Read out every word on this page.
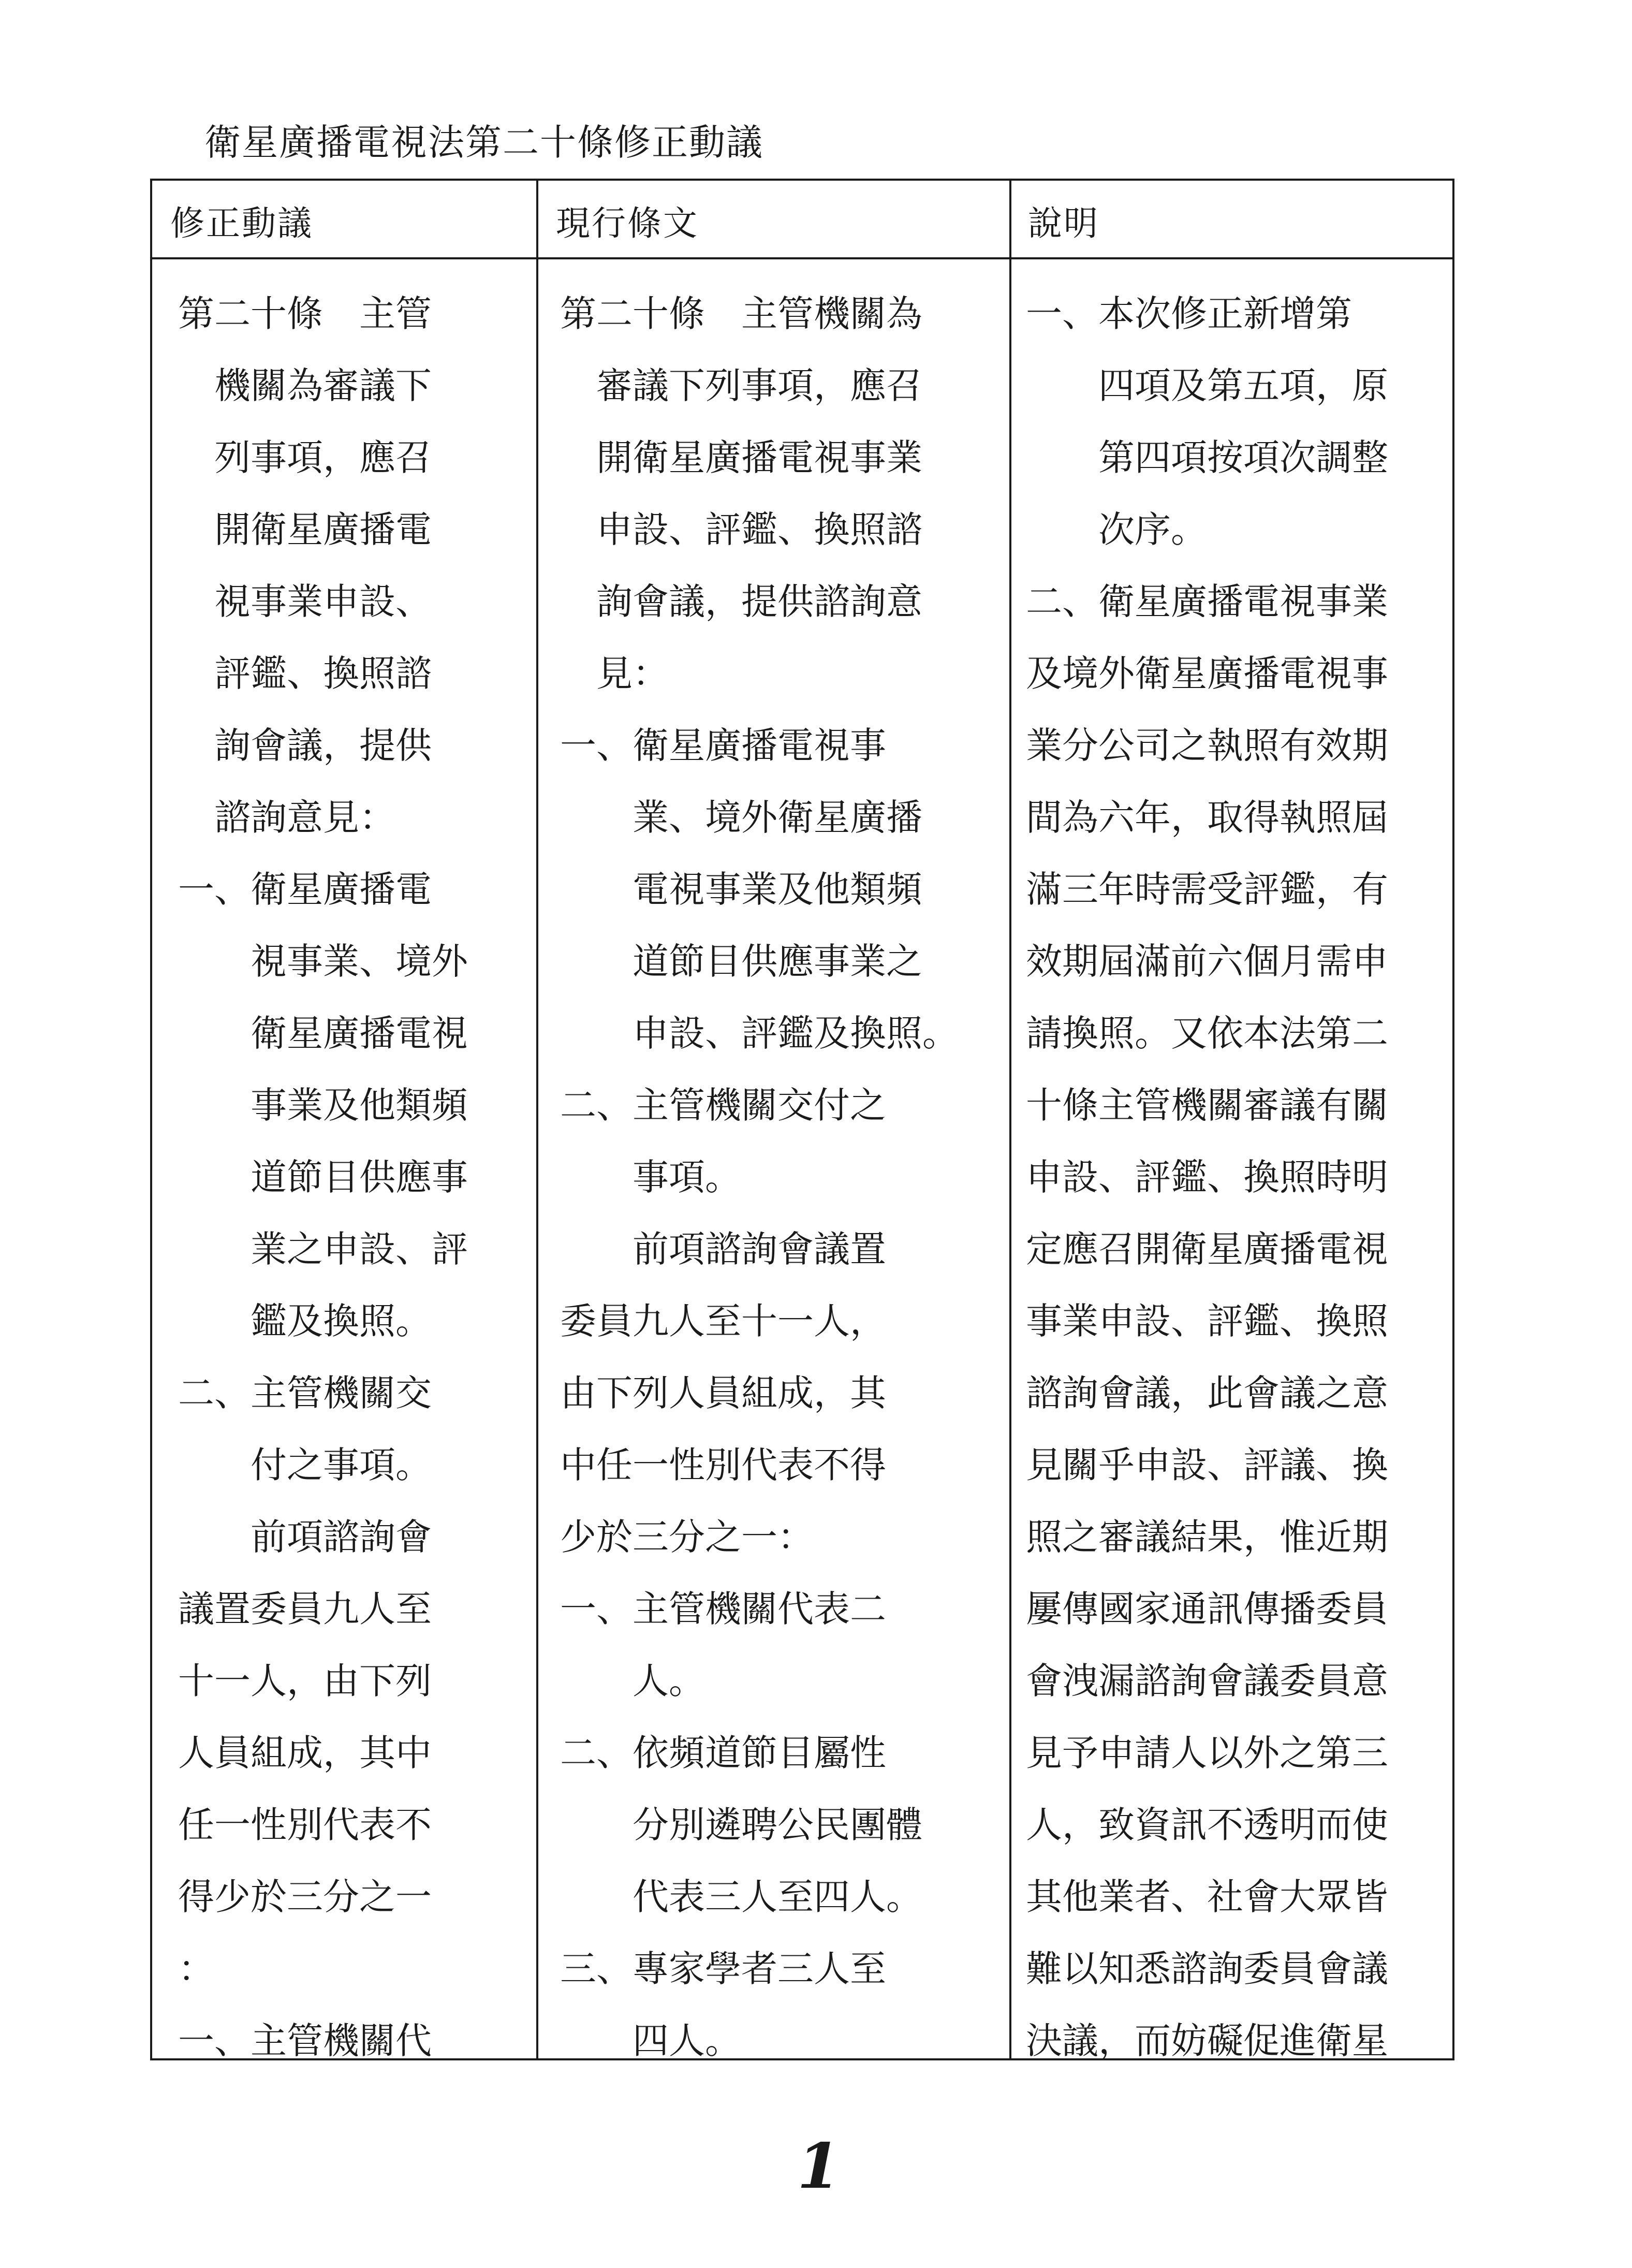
衛星廣播電視法第二十條修正動議
修正動議	現行條文	說明
第二十條　主管
　機關為審議下
　列事項，應召
　開衛星廣播電
　視事業申設、
　評鑑、換照諮
　詢會議，提供
　諮詢意見：
一、衛星廣播電
　　視事業、境外
　　衛星廣播電視
　　事業及他類頻
　　道節目供應事
　　業之申設、評
　　鑑及換照。
二、主管機關交
　　付之事項。
　　前項諮詢會
議置委員九人至
十一人，由下列
人員組成，其中
任一性別代表不
得少於三分之一
：
一、主管機關代
第二十條　主管機關為
　審議下列事項，應召
　開衛星廣播電視事業
　申設、評鑑、換照諮
　詢會議，提供諮詢意
　見：
一、衛星廣播電視事
　　業、境外衛星廣播
　　電視事業及他類頻
　　道節目供應事業之
　　申設、評鑑及換照。
二、主管機關交付之
　　事項。
　　前項諮詢會議置
委員九人至十一人，
由下列人員組成，其
中任一性別代表不得
少於三分之一：
一、主管機關代表二
　　人。
二、依頻道節目屬性
　　分別遴聘公民團體
　　代表三人至四人。
三、專家學者三人至
　　四人。
一、本次修正新增第
　　四項及第五項，原
　　第四項按項次調整
　　次序。
二、衛星廣播電視事業
及境外衛星廣播電視事
業分公司之執照有效期
間為六年，取得執照屆
滿三年時需受評鑑，有
效期屆滿前六個月需申
請換照。又依本法第二
十條主管機關審議有關
申設、評鑑、換照時明
定應召開衛星廣播電視
事業申設、評鑑、換照
諮詢會議，此會議之意
見關乎申設、評議、換
照之審議結果，惟近期
屢傳國家通訊傳播委員
會洩漏諮詢會議委員意
見予申請人以外之第三
人，致資訊不透明而使
其他業者、社會大眾皆
難以知悉諮詢委員會議
決議，而妨礙促進衛星
1
